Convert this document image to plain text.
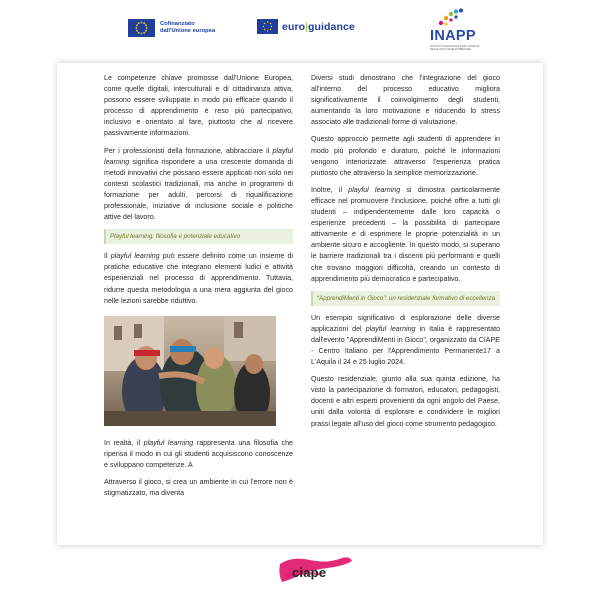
Cofinanziato
dall'Unione europea	euro|guidance
INAPP
ISTITUTO NAZIONALE PER L'ANALISI DELLE POLITICHE PUBBLICHE

Le competenze chiave promosse dall'Unione Europea, come quelle digitali, interculturali e di cittadinanza attiva, possono essere sviluppate in modo più efficace quando il processo di apprendimento è reso più partecipativo, inclusivo e orientato al fare, piuttosto che al ricevere passivamente informazioni.

Per i professionisti della formazione, abbracciare il playful learning significa rispondere a una crescente domanda di metodi innovativi che possano essere applicati non solo nei contesti scolastici tradizionali, ma anche in programmi di formazione per adulti, percorsi di riqualificazione professionale, iniziative di inclusione sociale e politiche attive del lavoro.

Playful learning: filosofia e potenziale educativo

Il playful learning può essere definito come un insieme di pratiche educative che integrano elementi ludici e attività esperienziali nel processo di apprendimento. Tuttavia, ridurre questa metodologia a una mera aggiunta del gioco nelle lezioni sarebbe riduttivo.

In realtà, il playful learning rappresenta una filosofia che ripensa il modo in cui gli studenti acquisiscono conoscenze e sviluppano competenze. A

Attraverso il gioco, si crea un ambiente in cui l'errore non è stigmatizzato, ma diventa

Diversi studi dimostrano che l'integrazione del gioco all'interno del processo educativo migliora significativamente il coinvolgimento degli studenti, aumentando la loro motivazione e riducendo lo stress associato alle tradizionali forme di valutazione.

Questo approccio permette agli studenti di apprendere in modo più profondo e duraturo, poiché le informazioni vengono interiorizzate attraverso l'esperienza pratica piuttosto che attraverso la semplice memorizzazione.

Inoltre, il playful learning si dimostra particolarmente efficace nel promuovere l'inclusione, poiché offre a tutti gli studenti – indipendentemente dalle loro capacità o esperienze precedenti – la possibilità di partecipare attivamente e di esprimere le proprie potenzialità in un ambiente sicuro e accogliente. In questo modo, si superano le barriere tradizionali tra i discenti più performanti e quelli che trovano maggiori difficoltà, creando un contesto di apprendimento più democratico e partecipativo.

“ApprendiMenti in Gioco”: un residenziale formativo di eccellenza

Un esempio significativo di esplorazione delle diverse applicazioni del playful learning in Italia è rappresentato dall'evento "ApprendiMenti in Gioco", organizzato da CIAPE - Centro Italiano per l'Apprendimento Permanente17 a L'Aquila il 24 e 25 luglio 2024.

Questo residenziale, giunto alla sua quinta edizione, ha visto la partecipazione di formatori, educatori, pedagogisti, docenti e altri esperti provenienti da ogni angolo del Paese, uniti dalla volontà di esplorare e condividere le migliori prassi legate all'uso del gioco come strumento pedagogico.

ciape
